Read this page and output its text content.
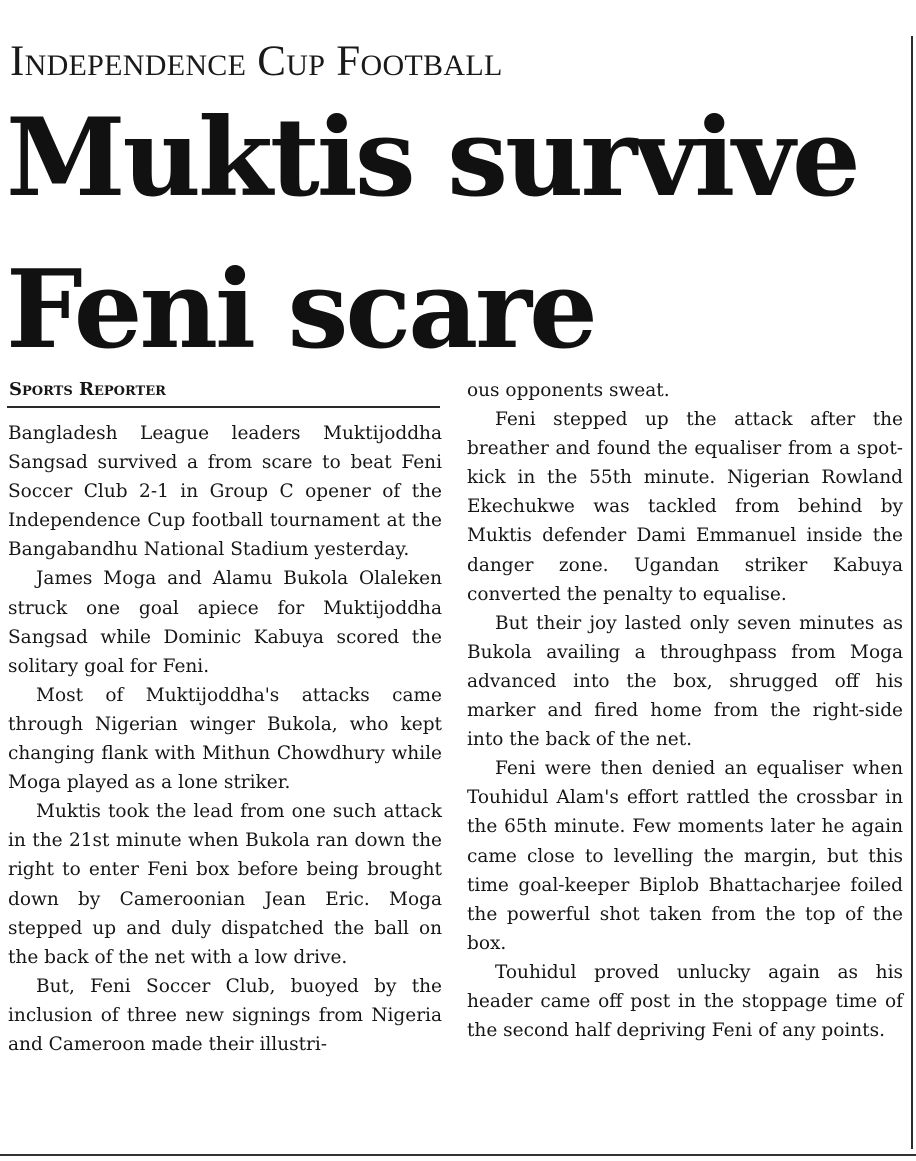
Independence Cup Football
Muktis survive
Feni scare
Sports Reporter

Bangladesh League leaders Muktijoddha Sangsad survived a from scare to beat Feni Soccer Club 2-1 in Group C opener of the Independence Cup football tournament at the Bangabandhu National Stadium yesterday.

James Moga and Alamu Bukola Olaleken struck one goal apiece for Muktijoddha Sangsad while Dominic Kabuya scored the solitary goal for Feni.

Most of Muktijoddha's attacks came through Nigerian winger Bukola, who kept changing flank with Mithun Chowdhury while Moga played as a lone striker.

Muktis took the lead from one such attack in the 21st minute when Bukola ran down the right to enter Feni box before being brought down by Cameroonian Jean Eric. Moga stepped up and duly dispatched the ball on the back of the net with a low drive.

But, Feni Soccer Club, buoyed by the inclusion of three new signings from Nigeria and Cameroon made their illustri-

ous opponents sweat.

Feni stepped up the attack after the breather and found the equaliser from a spot-kick in the 55th minute. Nigerian Rowland Ekechukwe was tackled from behind by Muktis defender Dami Emmanuel inside the danger zone. Ugandan striker Kabuya converted the penalty to equalise.

But their joy lasted only seven minutes as Bukola availing a throughpass from Moga advanced into the box, shrugged off his marker and fired home from the right-side into the back of the net.

Feni were then denied an equaliser when Touhidul Alam's effort rattled the crossbar in the 65th minute. Few moments later he again came close to levelling the margin, but this time goal-keeper Biplob Bhattacharjee foiled the powerful shot taken from the top of the box.

Touhidul proved unlucky again as his header came off post in the stoppage time of the second half depriving Feni of any points.
